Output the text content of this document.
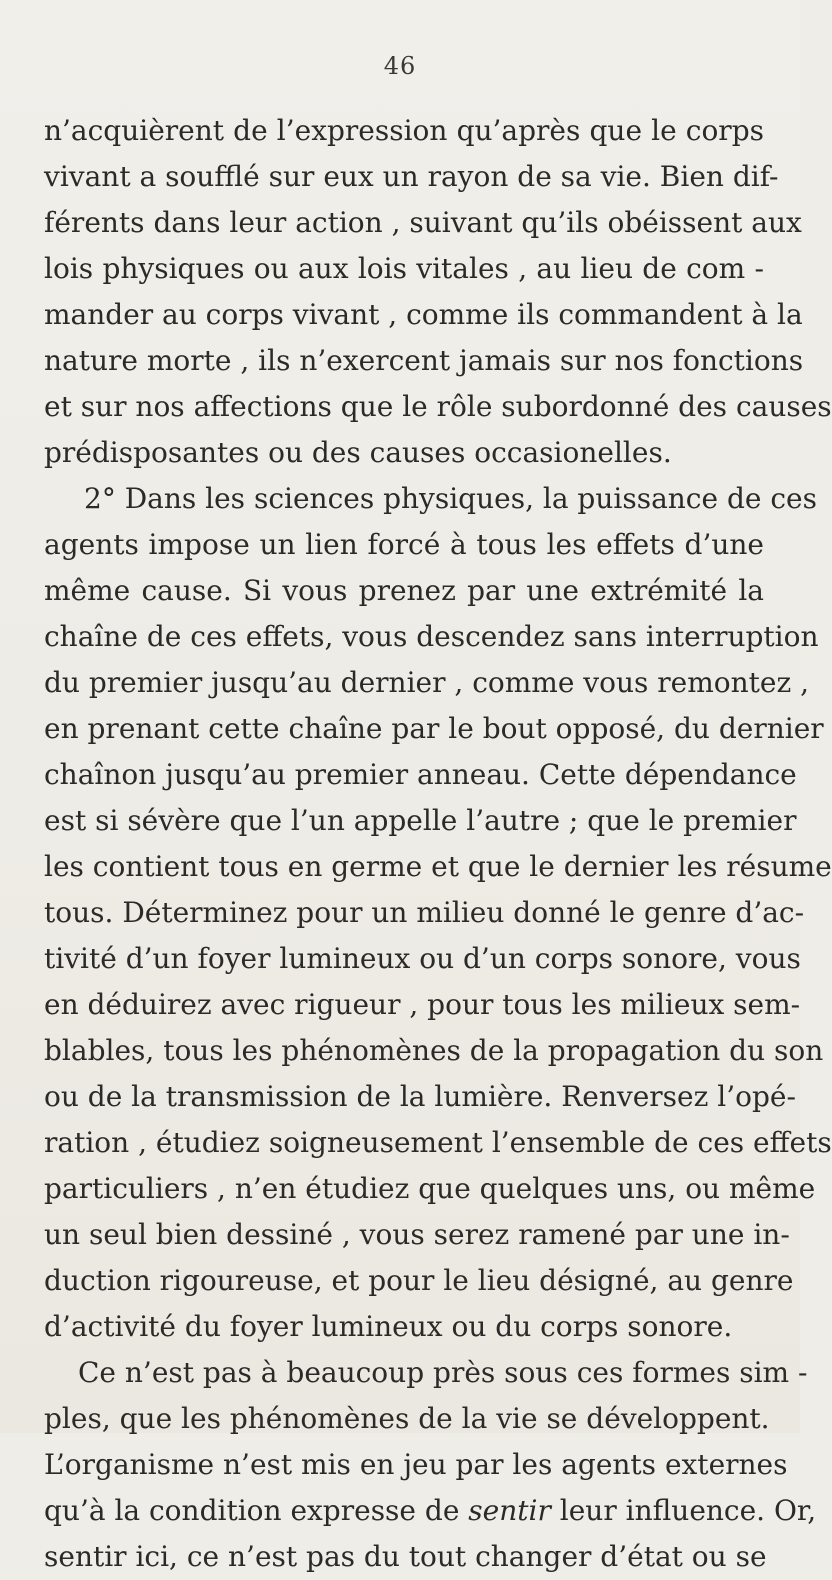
46
n’acquièrent de l’expression qu’après que le corps
vivant a soufflé sur eux un rayon de sa vie. Bien dif-
férents dans leur action , suivant qu’ils obéissent aux
lois physiques ou aux lois vitales , au lieu de com -
mander au corps vivant , comme ils commandent à la
nature morte , ils n’exercent jamais sur nos fonctions
et sur nos affections que le rôle subordonné des causes
prédisposantes ou des causes occasionelles.
2° Dans les sciences physiques, la puissance de ces
agents impose un lien forcé à tous les effets d’une
même cause. Si vous prenez par une extrémité la
chaîne de ces effets, vous descendez sans interruption
du premier jusqu’au dernier , comme vous remontez ,
en prenant cette chaîne par le bout opposé, du dernier
chaînon jusqu’au premier anneau. Cette dépendance
est si sévère que l’un appelle l’autre ; que le premier
les contient tous en germe et que le dernier les résume
tous. Déterminez pour un milieu donné le genre d’ac-
tivité d’un foyer lumineux ou d’un corps sonore, vous
en déduirez avec rigueur , pour tous les milieux sem-
blables, tous les phénomènes de la propagation du son
ou de la transmission de la lumière. Renversez l’opé-
ration , étudiez soigneusement l’ensemble de ces effets
particuliers , n’en étudiez que quelques uns, ou même
un seul bien dessiné , vous serez ramené par une in-
duction rigoureuse, et pour le lieu désigné, au genre
d’activité du foyer lumineux ou du corps sonore.
Ce n’est pas à beaucoup près sous ces formes sim -
ples, que les phénomènes de la vie se développent.
L’organisme n’est mis en jeu par les agents externes
qu’à la condition expresse de sentir leur influence. Or,
sentir ici, ce n’est pas du tout changer d’état ou se
